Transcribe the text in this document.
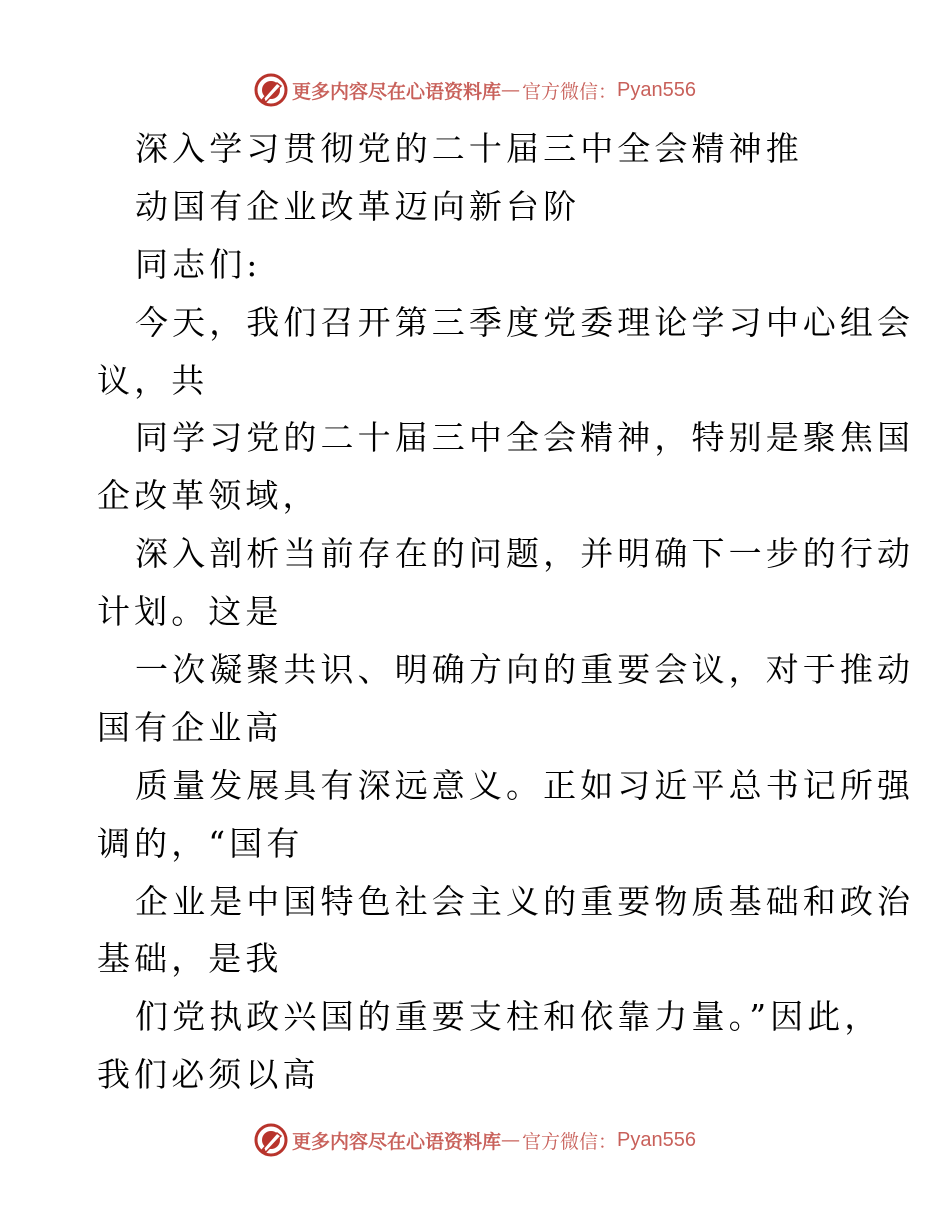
更多内容尽在心语资料库 — 官方微信： Pyan556
深入学习贯彻党的二十届三中全会精神推
动国有企业改革迈向新台阶
同志们:
今天，我们召开第三季度党委理论学习中心组会
议，共
同学习党的二十届三中全会精神，特别是聚焦国
企改革领域，
深入剖析当前存在的问题，并明确下一步的行动
计划。这是
一次凝聚共识、明确方向的重要会议，对于推动
国有企业高
质量发展具有深远意义。正如习近平总书记所强
调的，“国有
企业是中国特色社会主义的重要物质基础和政治
基础，是我
们党执政兴国的重要支柱和依靠力量。”因此，
我们必须以高
更多内容尽在心语资料库 — 官方微信： Pyan556
